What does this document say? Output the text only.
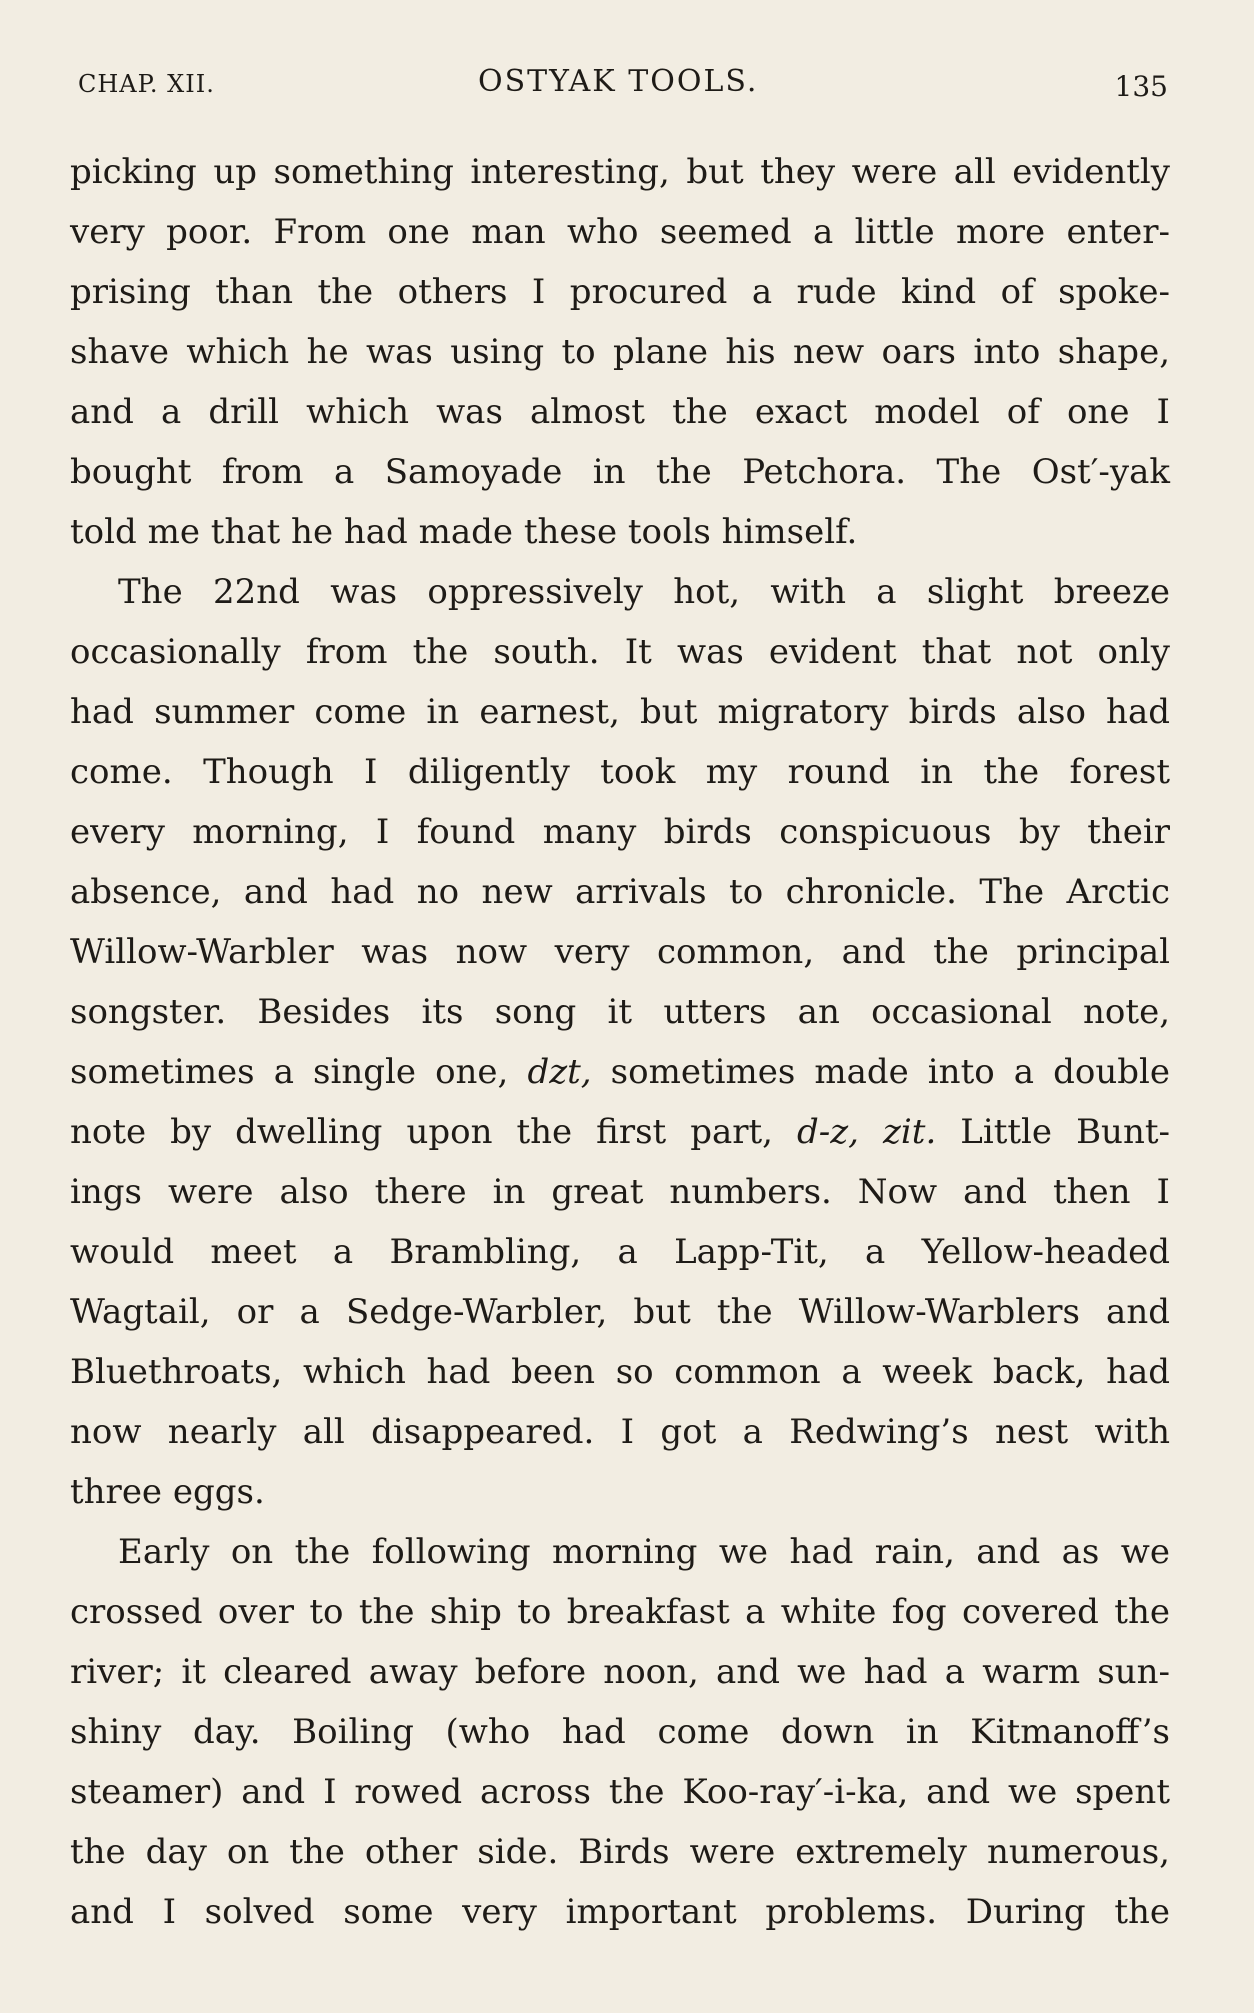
CHAP. XII.	OSTYAK TOOLS.	135
picking up something interesting, but they were all evidently
very poor. From one man who seemed a little more enter-
prising than the others I procured a rude kind of spoke-
shave which he was using to plane his new oars into shape,
and a drill which was almost the exact model of one I
bought from a Samoyade in the Petchora. The Ost′-yak
told me that he had made these tools himself.
The 22nd was oppressively hot, with a slight breeze
occasionally from the south. It was evident that not only
had summer come in earnest, but migratory birds also had
come. Though I diligently took my round in the forest
every morning, I found many birds conspicuous by their
absence, and had no new arrivals to chronicle. The Arctic
Willow-Warbler was now very common, and the principal
songster. Besides its song it utters an occasional note,
sometimes a single one, dzt, sometimes made into a double
note by dwelling upon the first part, d-z, zit. Little Bunt-
ings were also there in great numbers. Now and then I
would meet a Brambling, a Lapp-Tit, a Yellow-headed
Wagtail, or a Sedge-Warbler, but the Willow-Warblers and
Bluethroats, which had been so common a week back, had
now nearly all disappeared. I got a Redwing’s nest with
three eggs.
Early on the following morning we had rain, and as we
crossed over to the ship to breakfast a white fog covered the
river; it cleared away before noon, and we had a warm sun-
shiny day. Boiling (who had come down in Kitmanoff’s
steamer) and I rowed across the Koo-ray′-i-ka, and we spent
the day on the other side. Birds were extremely numerous,
and I solved some very important problems. During the
